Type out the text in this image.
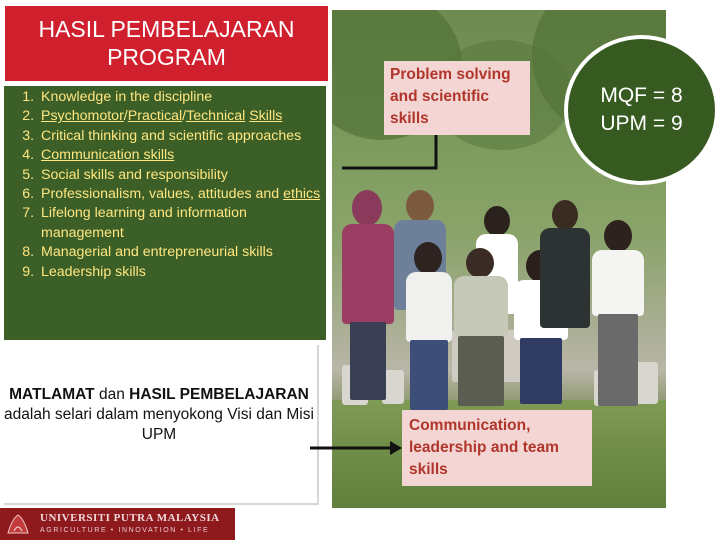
HASIL PEMBELAJARAN
PROGRAM
1. Knowledge in the discipline
2. Psychomotor/Practical/Technical Skills
3. Critical thinking and scientific approaches
4. Communication skills
5. Social skills and responsibility
6. Professionalism, values, attitudes and ethics
7. Lifelong learning and information management
8. Managerial and entrepreneurial skills
9. Leadership skills

MATLAMAT dan HASIL PEMBELAJARAN adalah selari dalam menyokong Visi dan Misi UPM

Problem solving and scientific skills
Communication, leadership and team skills
MQF = 8
UPM = 9
UNIVERSITI PUTRA MALAYSIA
AGRICULTURE • INNOVATION • LIFE
